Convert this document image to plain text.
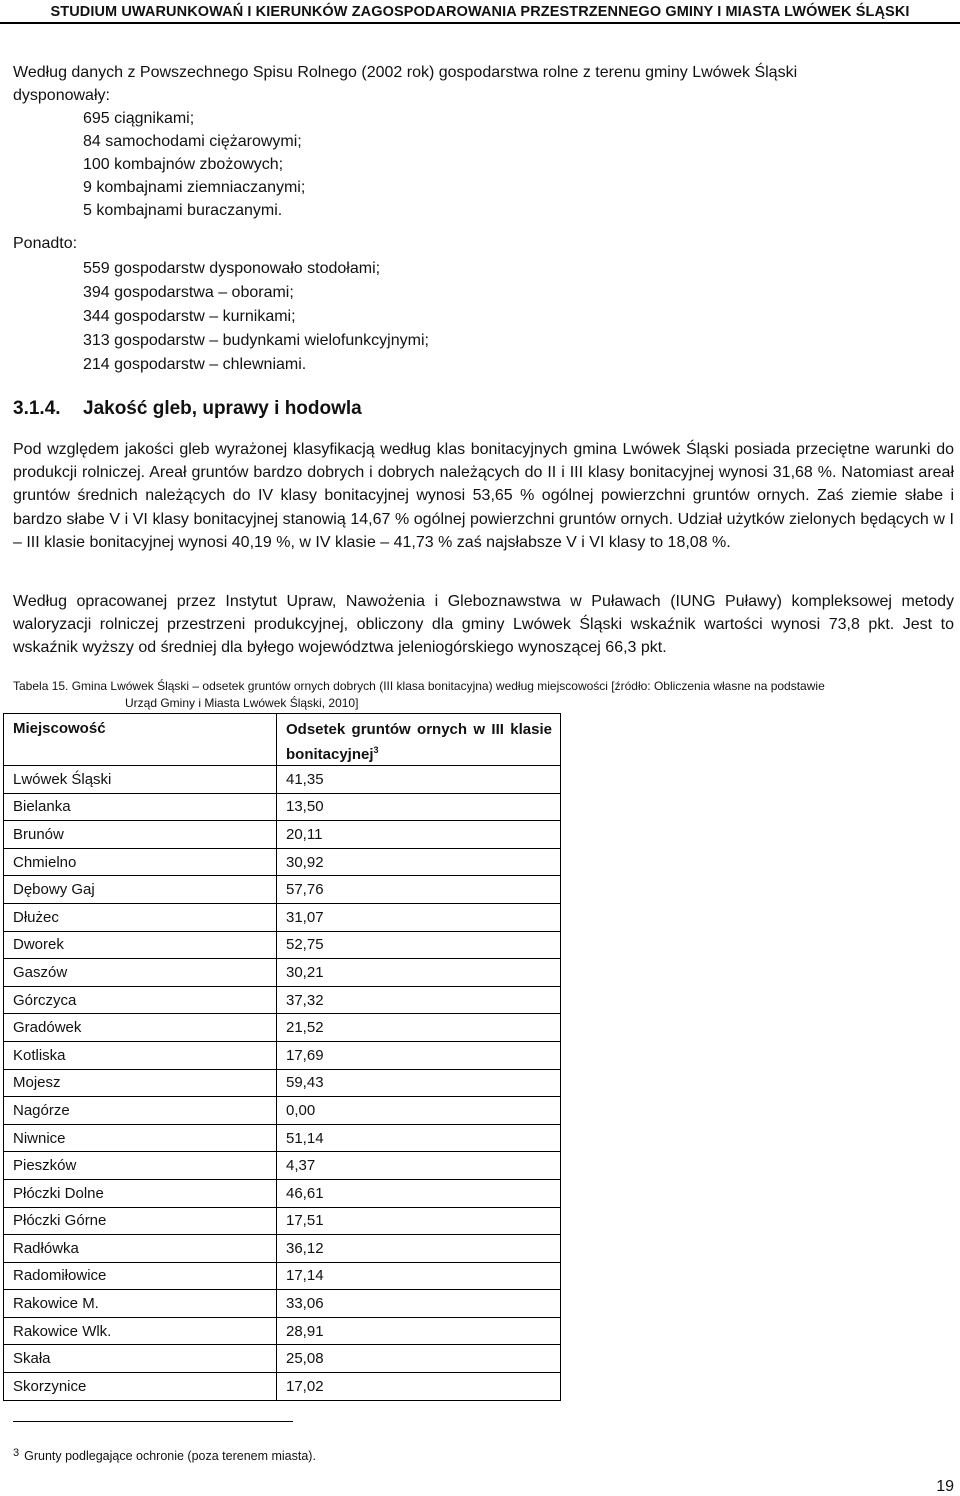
STUDIUM UWARUNKOWAŃ I KIERUNKÓW ZAGOSPODAROWANIA PRZESTRZENNEGO GMINY I MIASTA LWÓWEK ŚLĄSKI
Według danych z Powszechnego Spisu Rolnego (2002 rok) gospodarstwa rolne z terenu gminy Lwówek Śląski
dysponowały:
695 ciągnikami;
84 samochodami ciężarowymi;
100 kombajnów zbożowych;
9 kombajnami ziemniaczanymi;
5 kombajnami buraczanymi.
Ponadto:
559 gospodarstw dysponowało stodołami;
394 gospodarstwa – oborami;
344 gospodarstw – kurnikami;
313 gospodarstw – budynkami wielofunkcyjnymi;
214 gospodarstw – chlewniami.
3.1.4. Jakość gleb, uprawy i hodowla
Pod względem jakości gleb wyrażonej klasyfikacją według klas bonitacyjnych gmina Lwówek Śląski posiada przeciętne warunki do produkcji rolniczej. Areał gruntów bardzo dobrych i dobrych należących do II i III klasy bonitacyjnej wynosi 31,68 %. Natomiast areał gruntów średnich należących do IV klasy bonitacyjnej wynosi 53,65 % ogólnej powierzchni gruntów ornych. Zaś ziemie słabe i bardzo słabe V i VI klasy bonitacyjnej stanowią 14,67 % ogólnej powierzchni gruntów ornych. Udział użytków zielonych będących w I – III klasie bonitacyjnej wynosi 40,19 %, w IV klasie – 41,73 % zaś najsłabsze V i VI klasy to 18,08 %.
Według opracowanej przez Instytut Upraw, Nawożenia i Gleboznawstwa w Puławach (IUNG Puławy) kompleksowej metody waloryzacji rolniczej przestrzeni produkcyjnej, obliczony dla gminy Lwówek Śląski wskaźnik wartości wynosi 73,8 pkt. Jest to wskaźnik wyższy od średniej dla byłego województwa jeleniogórskiego wynoszącej 66,3 pkt.
Tabela 15. Gmina Lwówek Śląski – odsetek gruntów ornych dobrych (III klasa bonitacyjna) według miejscowości [źródło: Obliczenia własne na podstawie
Urząd Gminy i Miasta Lwówek Śląski, 2010]
Miejscowość	Odsetek gruntów ornych w III klasie bonitacyjnej$^3$

Lwówek Śląski	41,35
Bielanka	13,50
Brunów	20,11
Chmielno	30,92
Dębowy Gaj	57,76
Dłużec	31,07
Dworek	52,75
Gaszów	30,21
Górczyca	37,32
Gradówek	21,52
Kotliska	17,69
Mojesz	59,43
Nagórze	0,00
Niwnice	51,14
Pieszków	4,37
Płóczki Dolne	46,61
Płóczki Górne	17,51
Radłówka	36,12
Radomiłowice	17,14
Rakowice M.	33,06
Rakowice Wlk.	28,91
Skała	25,08
Skorzynice	17,02
3 Grunty podlegające ochronie (poza terenem miasta).
19
